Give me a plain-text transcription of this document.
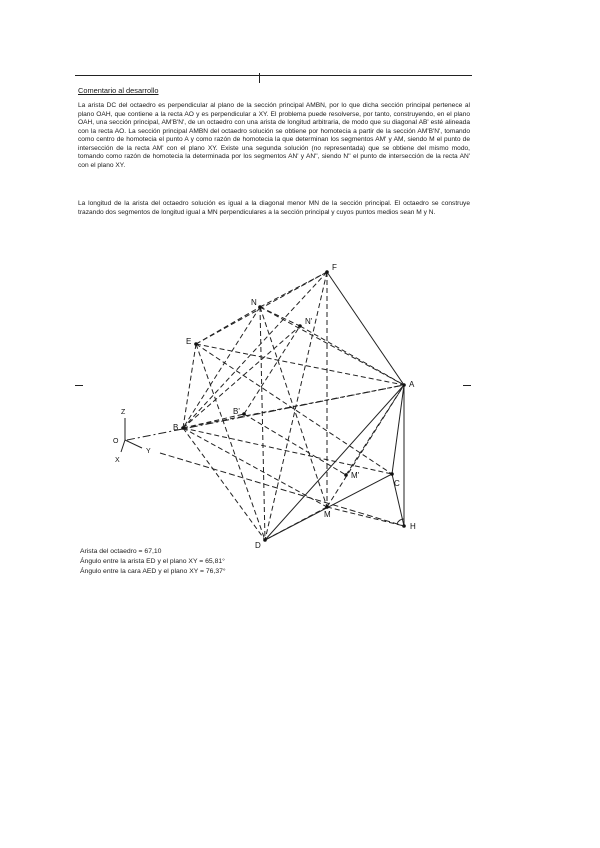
Comentario al desarrollo

La arista DC del octaedro es perpendicular al plano de la sección principal AMBN, por lo que dicha sección principal pertenece al plano OAH, que contiene a la recta AO y es perpendicular a XY. El problema puede resolverse, por tanto, construyendo, en el plano OAH, una sección principal, AM'B'N', de un octaedro con una arista de longitud arbitraria, de modo que su diagonal AB' esté alineada con la recta AO. La sección principal AMBN del octaedro solución se obtiene por homotecia a partir de la sección AM'B'N', tomando como centro de homotecia el punto A y como razón de homotecia la que determinan los segmentos AM' y AM, siendo M el punto de intersección de la recta AM' con el plano XY. Existe una segunda solución (no representada) que se obtiene del mismo modo, tomando como razón de homotecia la determinada por los segmentos AN' y AN'', siendo N'' el punto de intersección de la recta AN' con el plano XY.

La longitud de la arista del octaedro solución es igual a la diagonal menor MN de la sección principal. El octaedro se construye trazando dos segmentos de longitud igual a MN perpendiculares a la sección principal y cuyos puntos medios sean M y N.

F
N
N'
E
A
B'
B
M'
C
M
H
D
Z
O
Y
X
Arista del octaedro = 67,10
Ángulo entre la arista ED y el plano XY = 65,81°
Ángulo entre la cara AED y el plano XY = 76,37°
